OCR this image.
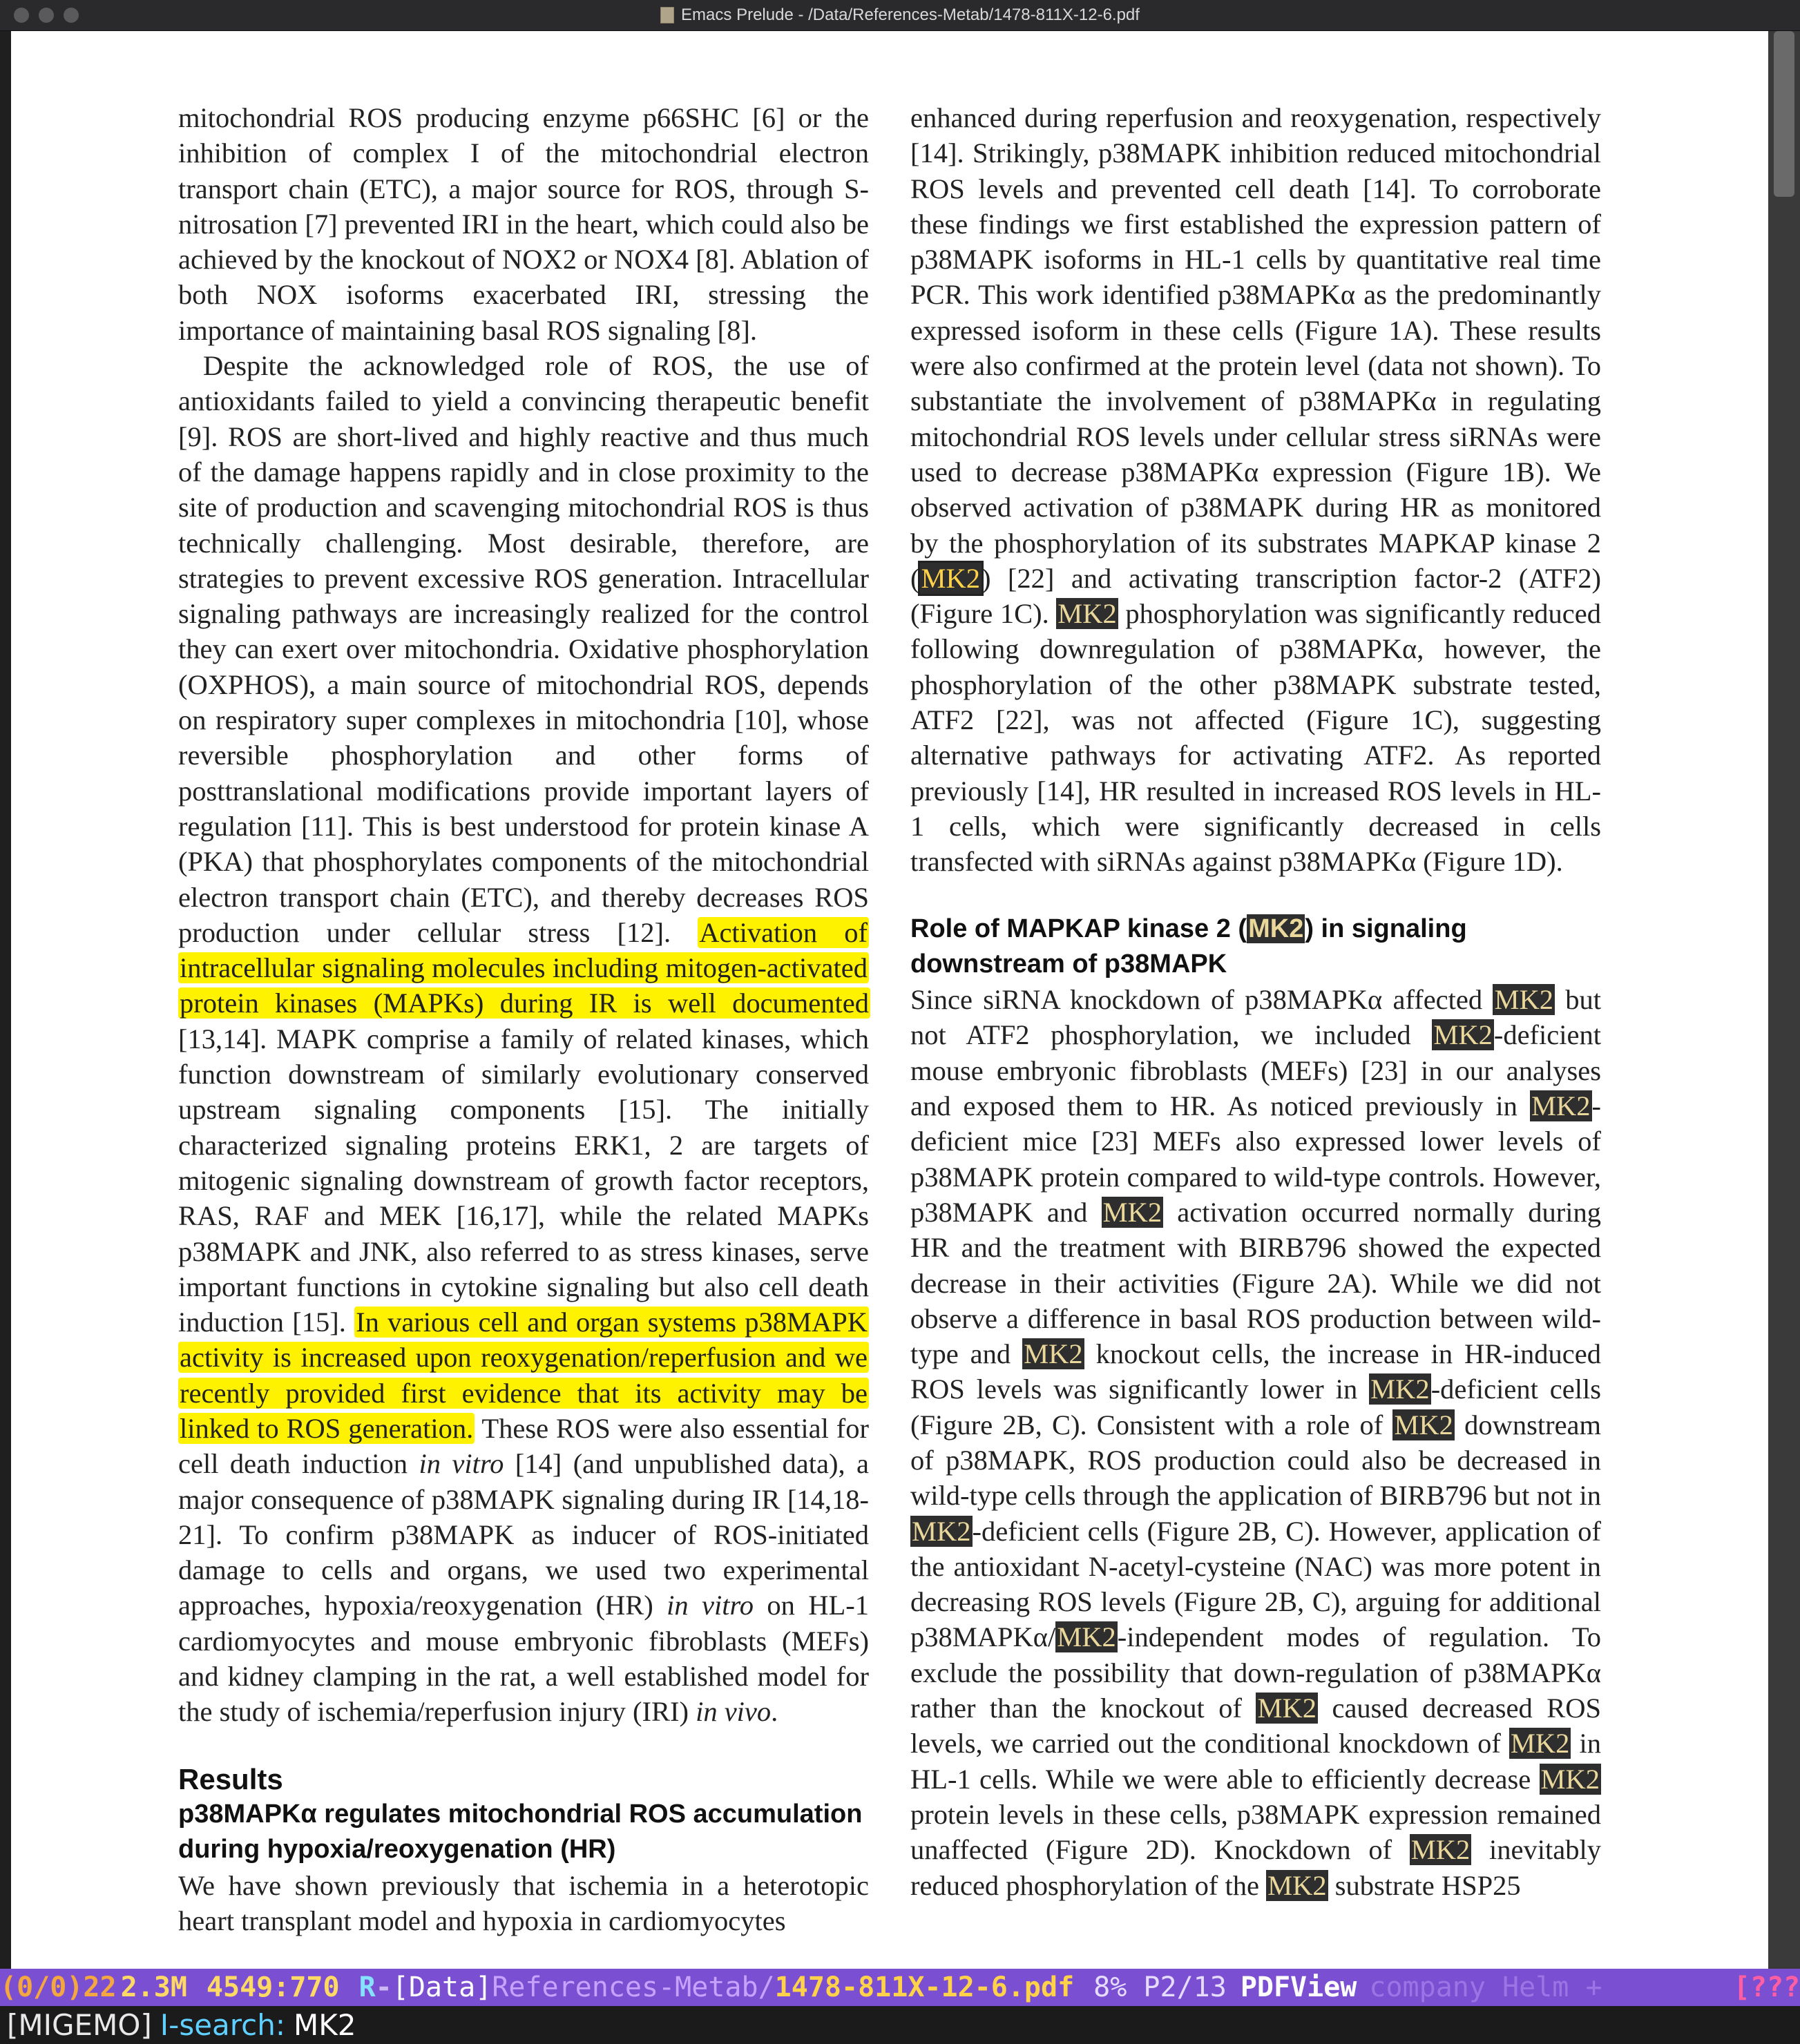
Emacs Prelude - /Data/References-Metab/1478-811X-12-6.pdf

mitochondrial ROS producing enzyme p66SHC [6] or the inhibition of complex I of the mitochondrial electron transport chain (ETC), a major source for ROS, through S-nitrosation [7] prevented IRI in the heart, which could also be achieved by the knockout of NOX2 or NOX4 [8]. Ablation of both NOX isoforms exacerbated IRI, stressing the importance of maintaining basal ROS signaling [8].

Despite the acknowledged role of ROS, the use of antioxidants failed to yield a convincing therapeutic benefit [9]. ROS are short-lived and highly reactive and thus much of the damage happens rapidly and in close proximity to the site of production and scavenging mitochondrial ROS is thus technically challenging. Most desirable, therefore, are strategies to prevent excessive ROS generation. Intracellular signaling pathways are increasingly realized for the control they can exert over mitochondria. Oxidative phosphorylation (OXPHOS), a main source of mitochondrial ROS, depends on respiratory super complexes in mitochondria [10], whose reversible phosphorylation and other forms of posttranslational modifications provide important layers of regulation [11]. This is best understood for protein kinase A (PKA) that phosphorylates components of the mitochondrial electron transport chain (ETC), and thereby decreases ROS production under cellular stress [12]. Activation of intracellular signaling molecules including mitogen-activated protein kinases (MAPKs) during IR is well documented [13,14]. MAPK comprise a family of related kinases, which function downstream of similarly evolutionary conserved upstream signaling components [15]. The initially characterized signaling proteins ERK1, 2 are targets of mitogenic signaling downstream of growth factor receptors, RAS, RAF and MEK [16,17], while the related MAPKs p38MAPK and JNK, also referred to as stress kinases, serve important functions in cytokine signaling but also cell death induction [15]. In various cell and organ systems p38MAPK activity is increased upon reoxygenation/reperfusion and we recently provided first evidence that its activity may be linked to ROS generation. These ROS were also essential for cell death induction in vitro [14] (and unpublished data), a major consequence of p38MAPK signaling during IR [14,18-21]. To confirm p38MAPK as inducer of ROS-initiated damage to cells and organs, we used two experimental approaches, hypoxia/reoxygenation (HR) in vitro on HL-1 cardiomyocytes and mouse embryonic fibroblasts (MEFs) and kidney clamping in the rat, a well established model for the study of ischemia/reperfusion injury (IRI) in vivo.

Results
p38MAPKα regulates mitochondrial ROS accumulation during hypoxia/reoxygenation (HR)

We have shown previously that ischemia in a heterotopic heart transplant model and hypoxia in cardiomyocytes

enhanced during reperfusion and reoxygenation, respectively [14]. Strikingly, p38MAPK inhibition reduced mitochondrial ROS levels and prevented cell death [14]. To corroborate these findings we first established the expression pattern of p38MAPK isoforms in HL-1 cells by quantitative real time PCR. This work identified p38MAPKα as the predominantly expressed isoform in these cells (Figure 1A). These results were also confirmed at the protein level (data not shown). To substantiate the involvement of p38MAPKα in regulating mitochondrial ROS levels under cellular stress siRNAs were used to decrease p38MAPKα expression (Figure 1B). We observed activation of p38MAPK during HR as monitored by the phosphorylation of its substrates MAPKAP kinase 2 (MK2) [22] and activating transcription factor-2 (ATF2) (Figure 1C). MK2 phosphorylation was significantly reduced following downregulation of p38MAPKα, however, the phosphorylation of the other p38MAPK substrate tested, ATF2 [22], was not affected (Figure 1C), suggesting alternative pathways for activating ATF2. As reported previously [14], HR resulted in increased ROS levels in HL-1 cells, which were significantly decreased in cells transfected with siRNAs against p38MAPKα (Figure 1D).

Role of MAPKAP kinase 2 (MK2) in signaling downstream of p38MAPK

Since siRNA knockdown of p38MAPKα affected MK2 but not ATF2 phosphorylation, we included MK2-deficient mouse embryonic fibroblasts (MEFs) [23] in our analyses and exposed them to HR. As noticed previously in MK2-deficient mice [23] MEFs also expressed lower levels of p38MAPK protein compared to wild-type controls. However, p38MAPK and MK2 activation occurred normally during HR and the treatment with BIRB796 showed the expected decrease in their activities (Figure 2A). While we did not observe a difference in basal ROS production between wild-type and MK2 knockout cells, the increase in HR-induced ROS levels was significantly lower in MK2-deficient cells (Figure 2B, C). Consistent with a role of MK2 downstream of p38MAPK, ROS production could also be decreased in wild-type cells through the application of BIRB796 but not in MK2-deficient cells (Figure 2B, C). However, application of the antioxidant N-acetyl-cysteine (NAC) was more potent in decreasing ROS levels (Figure 2B, C), arguing for additional p38MAPKα/MK2-independent modes of regulation. To exclude the possibility that down-regulation of p38MAPKα rather than the knockout of MK2 caused decreased ROS levels, we carried out the conditional knockdown of MK2 in HL-1 cells. While we were able to efficiently decrease MK2 protein levels in these cells, p38MAPK expression remained unaffected (Figure 2D). Knockdown of MK2 inevitably reduced phosphorylation of the MK2 substrate HSP25

(0/0) 22 2.3M 4549:770 R - [Data] References-Metab/ 1478-811X-12-6.pdf 8% P2/13 PDFView company Helm +	[???
[MIGEMO] I-search: MK2
